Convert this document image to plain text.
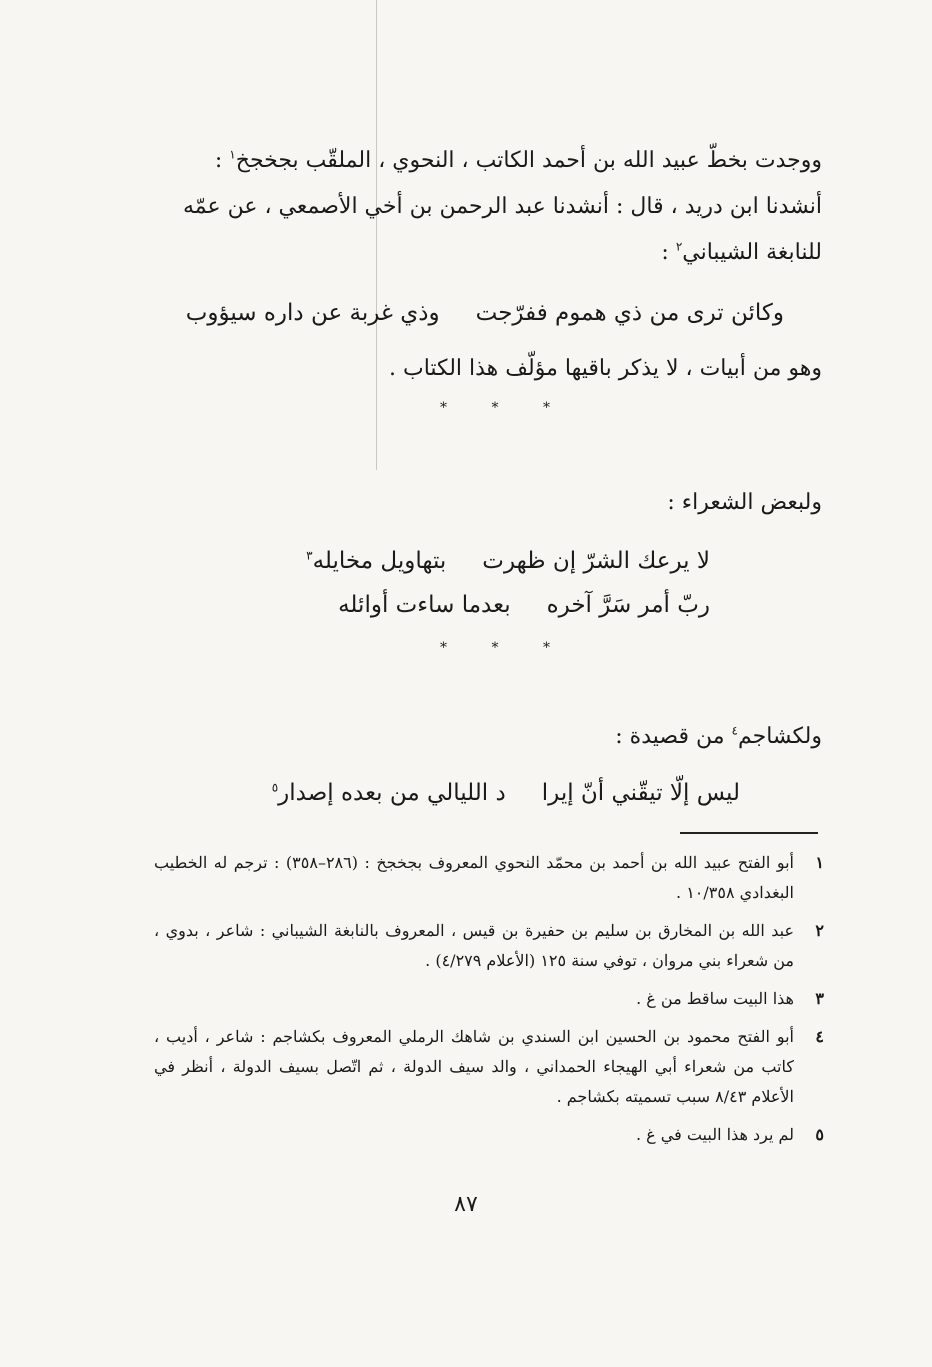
ووجدت بخطّ عبيد الله بن أحمد الكاتب ، النحوي ، الملقّب بجخجخ$^١$ :
أنشدنا ابن دريد ، قال : أنشدنا عبد الرحمن بن أخي الأصمعي ، عن عمّه
للنابغة الشيباني$^٢$ :
وكائن ترى من ذي هموم ففرّجت
وذي غربة عن داره سيؤوب
وهو من أبيات ، لا يذكر باقيها مؤلّف هذا الكتاب .
*	*	*
ولبعض الشعراء :
لا يرعك الشرّ إن ظهرت
بتهاويل مخايله$^٣$
ربّ أمر سَرَّ آخره
بعدما ساءت أوائله
*	*	*
ولكشاجم$^٤$ من قصيدة :
ليس إلّا تيقّني أنّ إيرا
د الليالي من بعده إصدار$^٥$
١
أبو الفتح عبيد الله بن أحمد بن محمّد النحوي المعروف بجخجخ : (٢٨٦–٣٥٨) : ترجم له الخطيب البغدادي ١٠/٣٥٨ .
٢
عبد الله بن المخارق بن سليم بن حفيرة بن قيس ، المعروف بالنابغة الشيباني : شاعر ، بدوي ، من شعراء بني مروان ، توفي سنة ١٢٥ (الأعلام ٤/٢٧٩) .
٣
هذا البيت ساقط من غ .
٤
أبو الفتح محمود بن الحسين ابن السندي بن شاهك الرملي المعروف بكشاجم : شاعر ، أديب ، كاتب من شعراء أبي الهيجاء الحمداني ، والد سيف الدولة ، ثم اتّصل بسيف الدولة ، أنظر في الأعلام ٨/٤٣ سبب تسميته بكشاجم .
٥
لم يرد هذا البيت في غ .
٨٧
